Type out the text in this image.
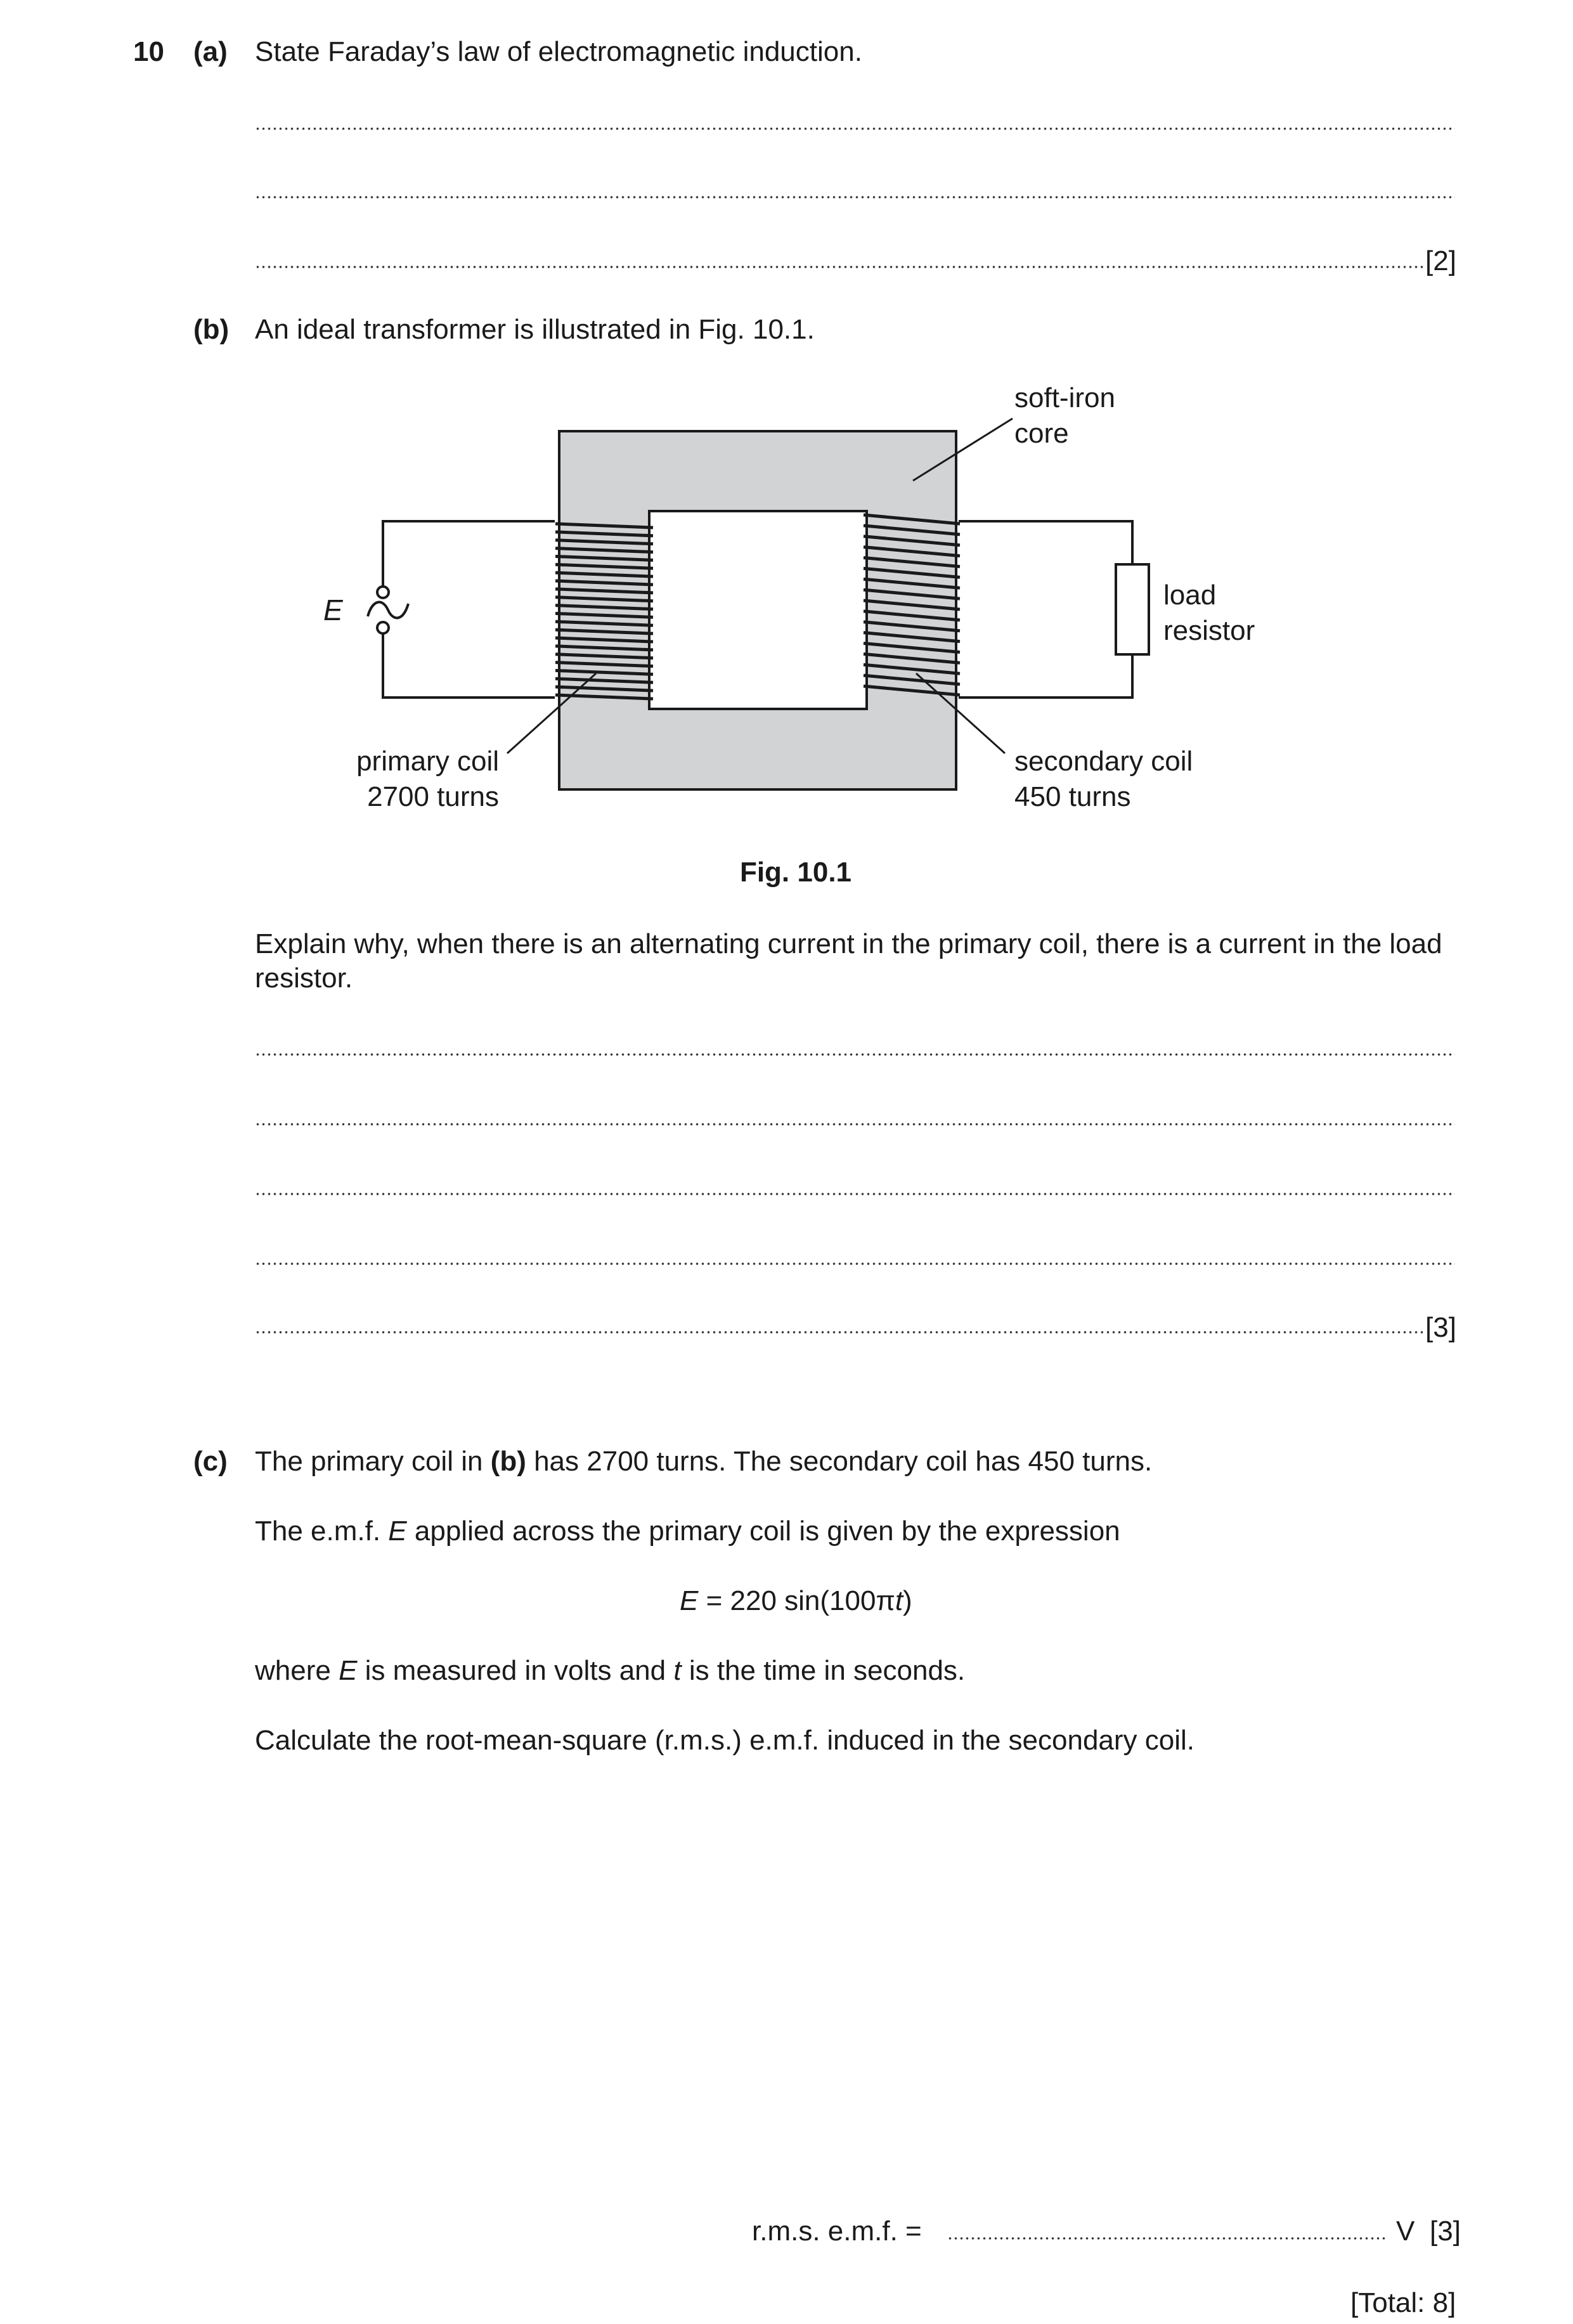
10 (a) State Faraday’s law of electromagnetic induction.
[2]
(b) An ideal transformer is illustrated in Fig. 10.1.
E
soft-iron
core
load
resistor
primary coil
2700 turns
secondary coil
450 turns
Fig. 10.1
Explain why, when there is an alternating current in the primary coil, there is a current in the load resistor.
[3]
(c) The primary coil in (b) has 2700 turns. The secondary coil has 450 turns.
The e.m.f. E applied across the primary coil is given by the expression
E = 220 sin(100πt)
where E is measured in volts and t is the time in seconds.
Calculate the root-mean-square (r.m.s.) e.m.f. induced in the secondary coil.
r.m.s. e.m.f. =	V [3]
[Total: 8]
